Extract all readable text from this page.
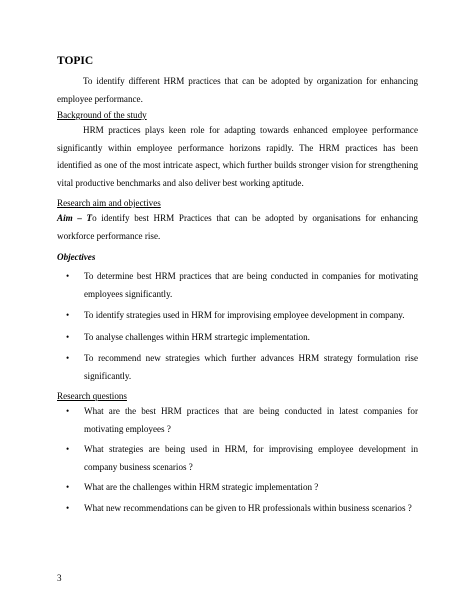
TOPIC

To identify different HRM practices that can be adopted by organization for enhancing employee performance.

Background of the study

HRM practices plays keen role for adapting towards enhanced employee performance significantly within employee performance horizons rapidly. The HRM practices has been identified as one of the most intricate aspect, which further builds stronger vision for strengthening vital productive benchmarks and also deliver best working aptitude.

Research aim and objectives

Aim – To identify best HRM Practices that can be adopted by organisations for enhancing workforce performance rise.

Objectives

• To determine best HRM practices that are being conducted in companies for motivating employees significantly.
• To identify strategies used in HRM for improvising employee development in company.
• To analyse challenges within HRM strartegic implementation.
• To recommend new strategies which further advances HRM strategy formulation rise significantly.

Research questions

• What are the best HRM practices that are being conducted in latest companies for motivating employees ?
• What strategies are being used in HRM, for improvising employee development in company business scenarios ?
• What are the challenges within HRM strategic implementation ?
• What new recommendations can be given to HR professionals within business scenarios ?
3
